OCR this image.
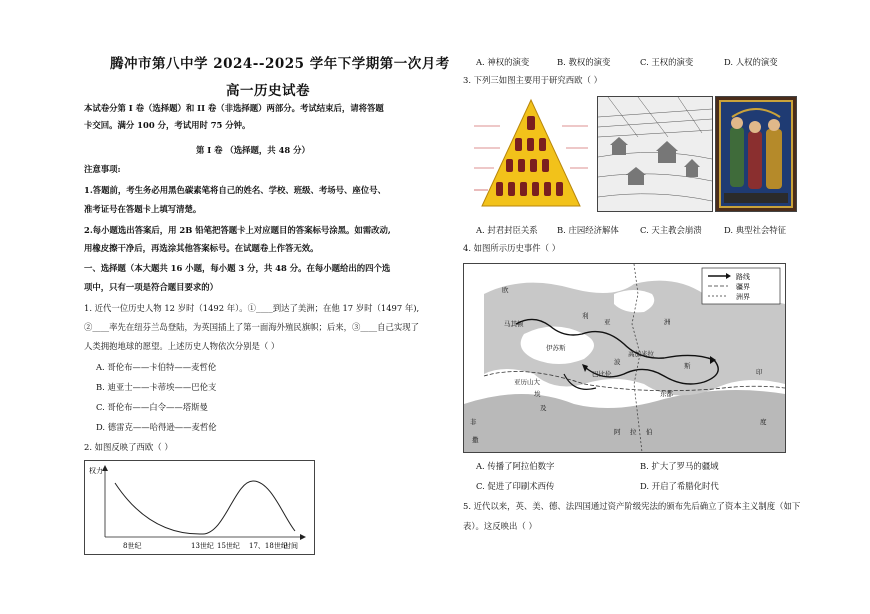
腾冲市第八中学 2024--2025 学年下学期第一次月考
高一历史试卷
本试卷分第 I 卷（选择题）和 II 卷（非选择题）两部分。考试结束后，请将答题
卡交回。满分 100 分，考试用时 75 分钟。
第 I 卷 （选择题，共 48 分）
注意事项:
1.答题前，考生务必用黑色碳素笔将自己的姓名、学校、班级、考场号、座位号、
准考证号在答题卡上填写清楚。
2.每小题选出答案后，用 2B 铅笔把答题卡上对应题目的答案标号涂黑。如需改动,
用橡皮擦干净后，再选涂其他答案标号。在试题卷上作答无效。
一、选择题（本大题共 16 小题，每小题 3 分，共 48 分。在每小题给出的四个选
项中，只有一项是符合题目要求的）
1. 近代一位历史人物 12 岁时（1492 年）。①____到达了美洲；在他 17 岁时（1497 年),
②____率先在纽芬兰岛登陆，为英国插上了第一面海外殖民旗帜；后来，③____自己实现了
人类拥抱地球的愿望。上述历史人物依次分别是（ ）
A. 哥伦布——卡伯特——麦哲伦
B. 迪亚士——卡蒂埃——巴伦支
C. 哥伦布——白令——塔斯曼
D. 德雷克——哈得逊——麦哲伦
2. 如图反映了西欧（ ）
权力
时间
8世纪	13世纪 15世纪 17、18世纪
A. 神权的演变	B. 教权的演变	C. 王权的演变	D. 人权的演变
3. 下列三如图主要用于研究西欧（ ）
A. 封君封臣关系 B. 庄园经济解体	C. 天主教会崩溃	D. 典型社会特征
4. 如图所示历史事件（ ）
路线
疆界
洲界
欧
埃
及
阿 拉 伯
印
度
利
亚	洲
波	斯
马其顿
伊苏斯
高加米拉
巴比伦
亚历山大
东都
非
撒
A. 传播了阿拉伯数字	B. 扩大了罗马的疆域
C. 促进了印刷术西传	D. 开启了希腊化时代
5. 近代以来，英、美、德、法四国通过资产阶级宪法的颁布先后确立了资本主义制度（如下
表）。这反映出（ ）
